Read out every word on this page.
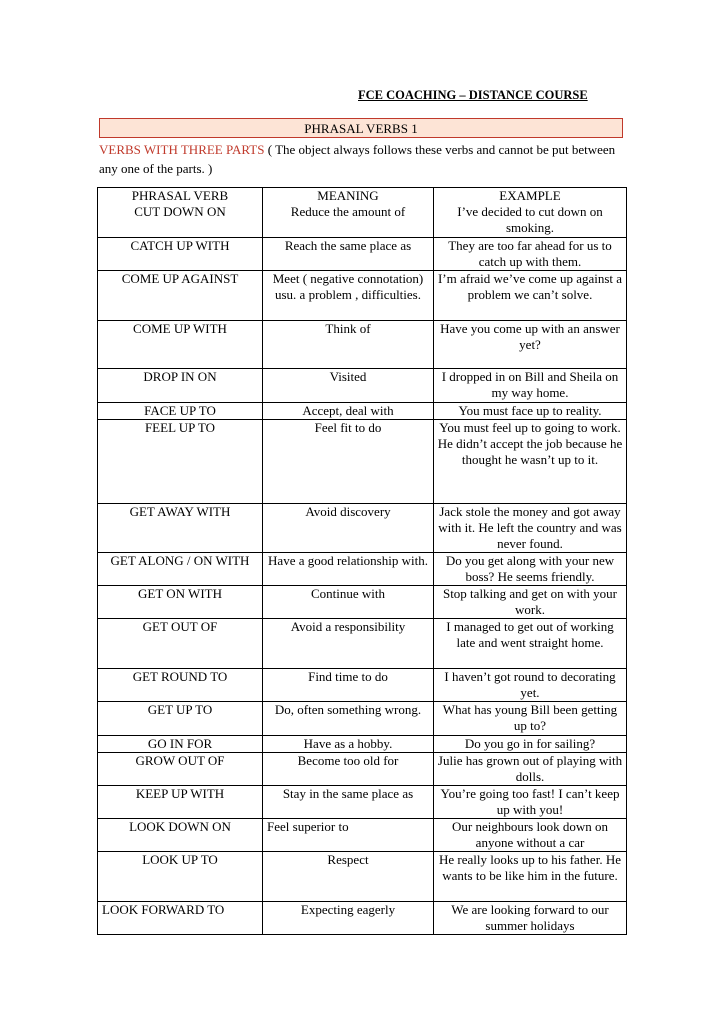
FCE COACHING – DISTANCE COURSE
PHRASAL VERBS 1
VERBS WITH THREE PARTS ( The object always follows these verbs and cannot be put between any one of the parts. )
PHRASAL VERB	MEANING	EXAMPLE
CUT DOWN ON	Reduce the amount of	I’ve decided to cut down on smoking.
CATCH UP WITH	Reach the same place as	They are too far ahead for us to catch up with them.
COME UP AGAINST	Meet ( negative connotation) usu. a problem , difficulties.	I’m afraid we’ve come up against a problem we can’t solve.
COME UP WITH	Think of	Have you come up with an answer yet?
DROP IN ON	Visited	I dropped in on Bill and Sheila on my way home.
FACE UP TO	Accept, deal with	You must face up to reality.
FEEL UP TO	Feel fit to do	You must feel up to going to work. He didn’t accept the job because he thought he wasn’t up to it.
GET AWAY WITH	Avoid discovery	Jack stole the money and got away with it. He left the country and was never found.
GET ALONG / ON WITH	Have a good relationship with.	Do you get along with your new boss? He seems friendly.
GET ON WITH	Continue with	Stop talking and get on with your work.
GET OUT OF	Avoid a responsibility	I managed to get out of working late and went straight home.
GET ROUND TO	Find time to do	I haven’t got round to decorating yet.
GET UP TO	Do, often something wrong.	What has young Bill been getting up to?
GO IN FOR	Have as a hobby.	Do you go in for sailing?
GROW OUT OF	Become too old for	Julie has grown out of playing with dolls.
KEEP UP WITH	Stay in the same place as	You’re going too fast! I can’t keep up with you!
LOOK DOWN ON	Feel superior to	Our neighbours look down on anyone without a car
LOOK UP TO	Respect	He really looks up to his father. He wants to be like him in the future.
LOOK FORWARD TO	Expecting eagerly	We are looking forward to our summer holidays
